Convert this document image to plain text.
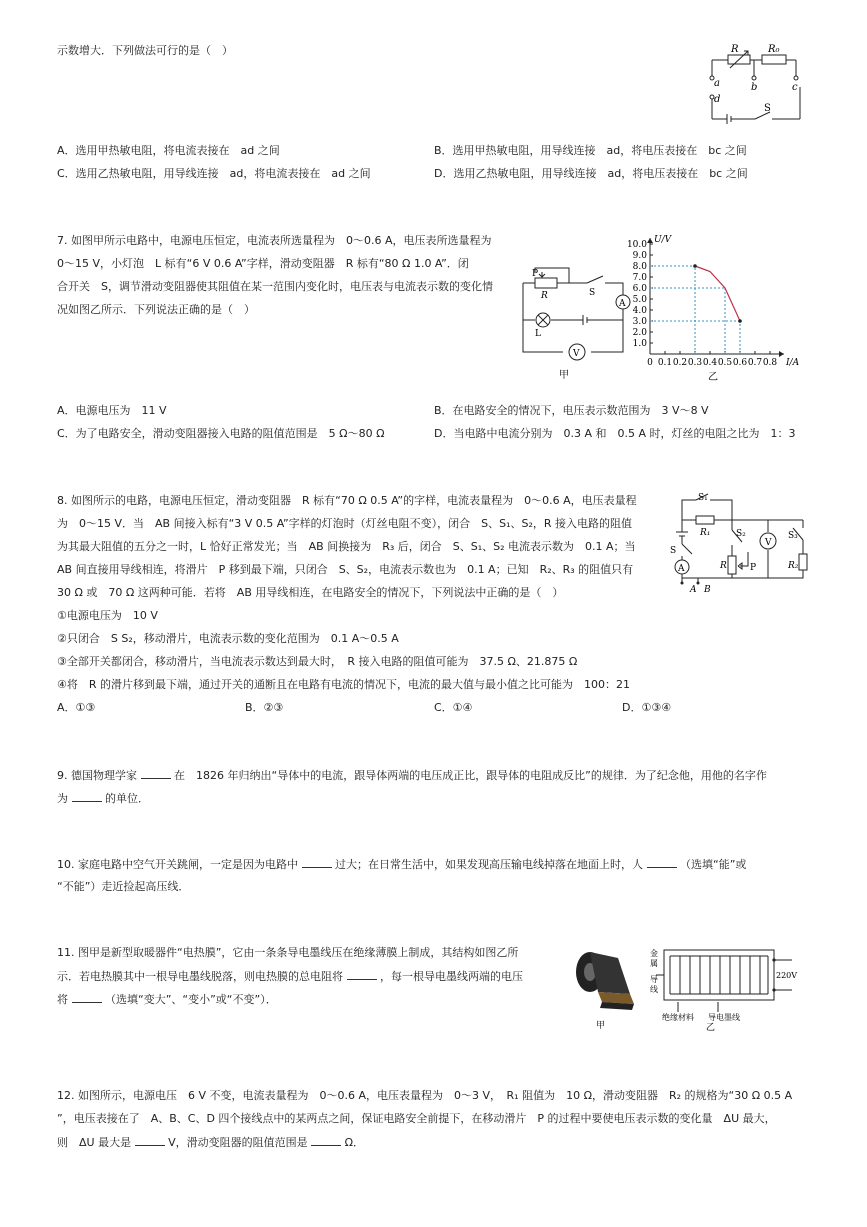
示数增大．下列做法可行的是（　）	R	R₀
a	b	c
d
S
A．选用甲热敏电阻，将电流表接在　ad 之间	B．选用甲热敏电阻，用导线连接　ad，将电压表接在　bc 之间
C．选用乙热敏电阻，用导线连接　ad，将电流表接在　ad 之间	D．选用乙热敏电阻，用导线连接　ad，将电压表接在　bc 之间
7. 如图甲所示电路中，电源电压恒定，电流表所选量程为　0～0.6 A，电压表所选量程为
0～15 V，小灯泡　L 标有“6 V 0.6 A”字样，滑动变阻器　R 标有“80 Ω 1.0 A”．闭
合开关　S，调节滑动变阻器使其阻值在某一范围内变化时，电压表与电流表示数的变化情
况如图乙所示．下列说法正确的是（　）
P
R	S
L
A
V
甲
1.0
2.0
3.0
4.0
5.0
6.0
7.0
8.0
9.0
10.0
0 0.1 0.2 0.3 0.4 0.5 0.6 0.7 0.8
U/V
I/A
乙
A．电源电压为　11 V	B．在电路安全的情况下，电压表示数范围为　3 V～8 V
C．为了电路安全，滑动变阻器接入电路的阻值范围是　5 Ω～80 Ω	D．当电路中电流分别为　0.3 A 和　0.5 A 时，灯丝的电阻之比为　1：3
8. 如图所示的电路，电源电压恒定，滑动变阻器　R 标有“70 Ω 0.5 A”的字样，电流表量程为　0～0.6 A，电压表量程
为　0～15 V．当　AB 间接入标有“3 V 0.5 A”字样的灯泡时（灯丝电阻不变），闭合　S、S₁、S₂，R 接入电路的阻值
为其最大阻值的五分之一时，L 恰好正常发光；当　AB 间换接为　R₃ 后，闭合　S、S₁、S₂ 电流表示数为　0.1 A；当
AB 间直接用导线相连，将滑片　P 移到最下端，只闭合　S、S₂，电流表示数也为　0.1 A；已知　R₂、R₃ 的阻值只有
30 Ω 或　70 Ω 这两种可能．若将　AB 用导线相连，在电路安全的情况下，下列说法中正确的是（　）
S₁
R₁	S₂	S₃
S
R	P	R₂
V
A
A B
①电源电压为　10 V
②只闭合　S S₂，移动滑片，电流表示数的变化范围为　0.1 A～0.5 A
③全部开关都闭合，移动滑片，当电流表示数达到最大时，　R 接入电路的阻值可能为　37.5 Ω、21.875 Ω
④将　R 的滑片移到最下端，通过开关的通断且在电路有电流的情况下，电流的最大值与最小值之比可能为　100：21
A．①③	B．②③	C．①④	D．①③④
9. 德国物理学家	在　1826 年归纳出“导体中的电流，跟导体两端的电压成正比，跟导体的电阻成反比”的规律．为了纪念他，用他的名字作
为	的单位．
10. 家庭电路中空气开关跳闸，一定是因为电路中	过大；在日常生活中，如果发现高压输电线掉落在地面上时，人	（选填“能”或
“不能”）走近捡起高压线．
11. 图甲是新型取暖器件“电热膜”，它由一条条导电墨线压在绝缘薄膜上制成，其结构如图乙所
示．若电热膜其中一根导电墨线脱落，则电热膜的总电阻将	，每一根导电墨线两端的电压
将	（选填“变大”、“变小”或“不变”）．
甲
金
属
导
线
220V
绝缘材料 导电墨线
乙
12. 如图所示，电源电压　6 V 不变，电流表量程为　0～0.6 A，电压表量程为　0～3 V，　R₁ 阻值为　10 Ω，滑动变阻器　R₂ 的规格为“30 Ω 0.5 A
”，电压表接在了　A、B、C、D 四个接线点中的某两点之间，保证电路安全前提下，在移动滑片　P 的过程中要使电压表示数的变化量　ΔU 最大，
则　ΔU 最大是	V，滑动变阻器的阻值范围是	Ω．
